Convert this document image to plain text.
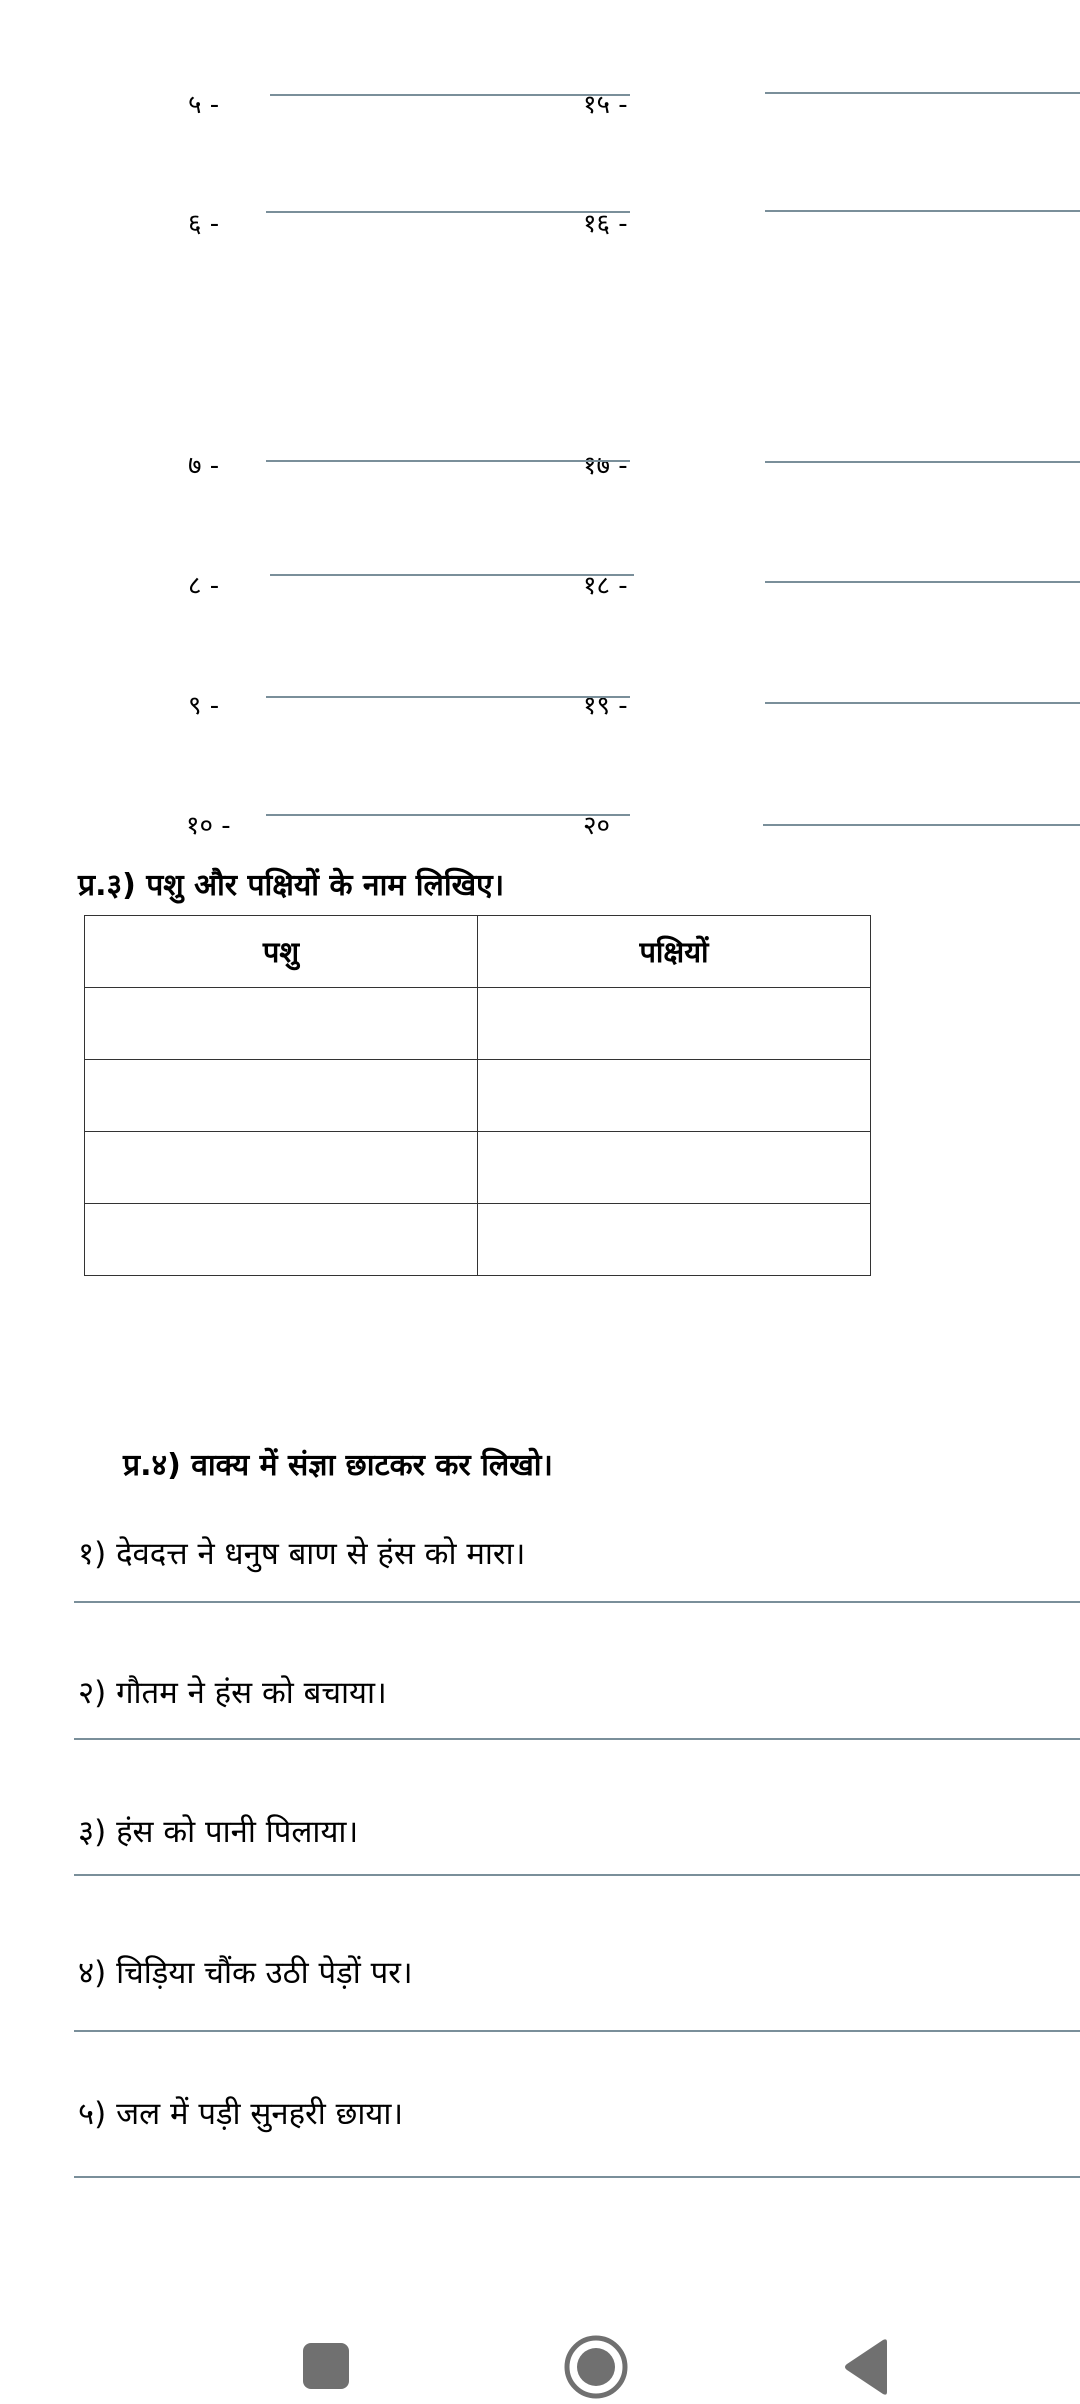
५ -
६ -
७ -
८ -
९ -
१० -
१५ -
१६ -
१७ -
१८ -
१९ -
२०
प्र.३) पशु और पक्षियों के नाम लिखिए।
पशु	पक्षियों

प्र.४) वाक्य में संज्ञा छाटकर कर लिखो।
१) देवदत्त ने धनुष बाण से हंस को मारा।
२) गौतम ने हंस को बचाया।
३) हंस को पानी पिलाया।
४) चिड़िया चौंक उठी पेड़ों पर।
५) जल में पड़ी सुनहरी छाया।
